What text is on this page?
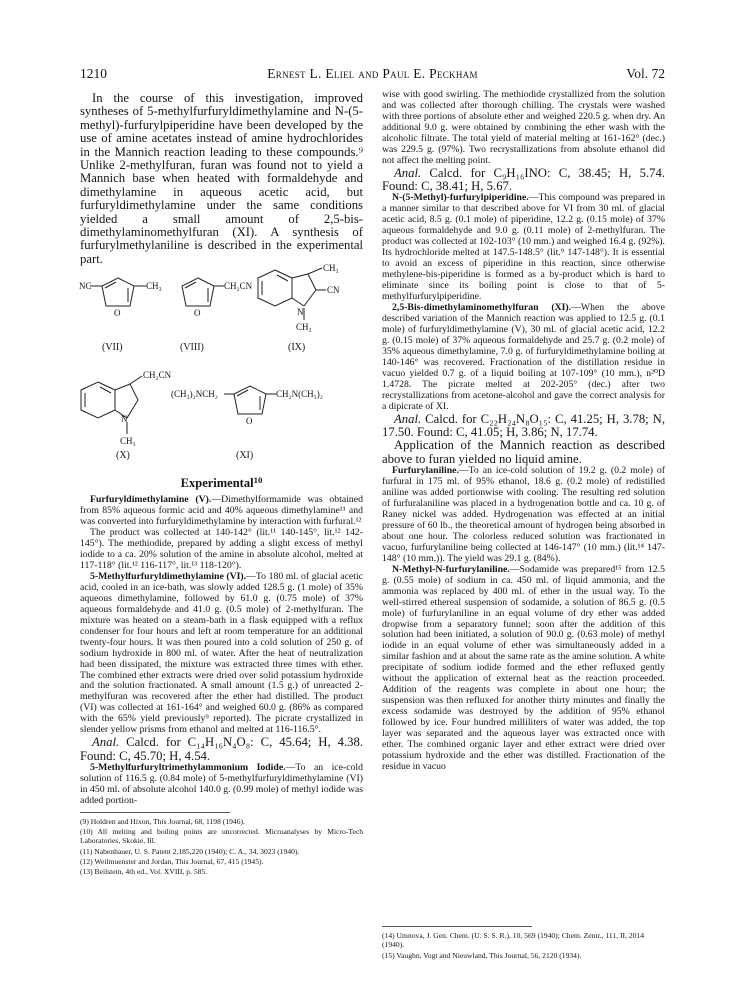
1210	Ernest L. Eliel and Paul E. Peckham	Vol. 72

In the course of this investigation, improved syntheses of 5-methylfurfuryldimethylamine and N-(5-methyl)-furfurylpiperidine have been developed by the use of amine acetates instead of amine hydrochlorides in the Mannich reaction leading to these compounds.⁹ Unlike 2-methylfuran, furan was found not to yield a Mannich base when heated with formaldehyde and dimethylamine in aqueous acetic acid, but furfuryldimethylamine under the same conditions yielded a small amount of 2,5-bis-dimethylaminomethylfuran (XI). A synthesis of furfurylmethylaniline is described in the experimental part.

NC	CH₃
O
CH₂CN
O
CH₃
CN
N
CH₃
(VII)	(VIII)	(IX)
CH₂CN
N
CH₃
(CH₃)₂NCH₂	CH₂N(CH₃)₂
O
(X)	(XI)
Experimental$^{10}$

Furfuryldimethylamine (V).—Dimethylformamide was obtained from 85% aqueous formic acid and 40% aqueous dimethylamine¹¹ and was converted into furfuryldimethylamine by interaction with furfural.¹²

The product was collected at 140-142° (lit.¹¹ 140-145°, lit.¹² 142-145°). The methiodide, prepared by adding a slight excess of methyl iodide to a ca. 20% solution of the amine in absolute alcohol, melted at 117-118° (lit.¹² 116-117°, lit.¹³ 118-120°).

5-Methylfurfuryldimethylamine (VI).—To 180 ml. of glacial acetic acid, cooled in an ice-bath, was slowly added 128.5 g. (1 mole) of 35% aqueous dimethylamine, followed by 61.0 g. (0.75 mole) of 37% aqueous formaldehyde and 41.0 g. (0.5 mole) of 2-methylfuran. The mixture was heated on a steam-bath in a flask equipped with a reflux condenser for four hours and left at room temperature for an additional twenty-four hours. It was then poured into a cold solution of 250 g. of sodium hydroxide in 800 ml. of water. After the heat of neutralization had been dissipated, the mixture was extracted three times with ether. The combined ether extracts were dried over solid potassium hydroxide and the solution fractionated. A small amount (1.5 g.) of unreacted 2-methylfuran was recovered after the ether had distilled. The product (VI) was collected at 161-164° and weighed 60.0 g. (86% as compared with the 65% yield previously⁹ reported). The picrate crystallized in slender yellow prisms from ethanol and melted at 116-116.5°.

Anal. Calcd. for C₁₄H₁₆N₄O₈: C, 45.64; H, 4.38. Found: C, 45.70; H, 4.54.

5-Methylfurfuryltrimethylammonium Iodide.—To an ice-cold solution of 116.5 g. (0.84 mole) of 5-methylfurfuryldimethylamine (VI) in 450 ml. of absolute alcohol 140.0 g. (0.99 mole) of methyl iodide was added portion-

(9) Holdren and Hixon, This Journal, 68, 1198 (1946).

(10) All melting and boiling points are uncorrected. Microanalyses by Micro-Tech Laboratories, Skokie, Ill.

(11) Nabenhauer, U. S. Patent 2,185,220 (1940); C. A., 34, 3023 (1940).

(12) Weilmuenster and Jordan, This Journal, 67, 415 (1945).

(13) Beilstein, 4th ed., Vol. XVIII, p. 585.

wise with good swirling. The methiodide crystallized from the solution and was collected after thorough chilling. The crystals were washed with three portions of absolute ether and weighed 220.5 g. when dry. An additional 9.0 g. were obtained by combining the ether wash with the alcoholic filtrate. The total yield of material melting at 161-162° (dec.) was 229.5 g. (97%). Two recrystallizations from absolute ethanol did not affect the melting point.

Anal. Calcd. for C₉H₁₆INO: C, 38.45; H, 5.74. Found: C, 38.41; H, 5.67.

N-(5-Methyl)-furfurylpiperidine.—This compound was prepared in a manner similar to that described above for VI from 30 ml. of glacial acetic acid, 8.5 g. (0.1 mole) of piperidine, 12.2 g. (0.15 mole) of 37% aqueous formaldehyde and 9.0 g. (0.11 mole) of 2-methylfuran. The product was collected at 102-103° (10 mm.) and weighed 16.4 g. (92%). Its hydrochloride melted at 147.5-148.5° (lit.⁹ 147-148°). It is essential to avoid an excess of piperidine in this reaction, since otherwise methylene-bis-piperidine is formed as a by-product which is hard to eliminate since its boiling point is close to that of 5-methylfurfurylpiperidine.

2,5-Bis-dimethylaminomethylfuran (XI).—When the above described variation of the Mannich reaction was applied to 12.5 g. (0.1 mole) of furfuryldimethylamine (V), 30 ml. of glacial acetic acid, 12.2 g. (0.15 mole) of 37% aqueous formaldehyde and 25.7 g. (0.2 mole) of 35% aqueous dimethylamine, 7.0 g. of furfuryldimethylamine boiling at 140-146° was recovered. Fractionation of the distillation residue in vacuo yielded 0.7 g. of a liquid boiling at 107-109° (10 mm.), n²⁰D 1.4728. The picrate melted at 202-205° (dec.) after two recrystallizations from acetone-alcohol and gave the correct analysis for a dipicrate of XI.

Anal. Calcd. for C₂₂H₂₄N₈O₁₅: C, 41.25; H, 3.78; N, 17.50. Found: C, 41.05; H, 3.86; N, 17.74.

Application of the Mannich reaction as described above to furan yielded no liquid amine.

Furfurylaniline.—To an ice-cold solution of 19.2 g. (0.2 mole) of furfural in 175 ml. of 95% ethanol, 18.6 g. (0.2 mole) of redistilled aniline was added portionwise with cooling. The resulting red solution of furfuralaniline was placed in a hydrogenation bottle and ca. 10 g. of Raney nickel was added. Hydrogenation was effected at an initial pressure of 60 lb., the theoretical amount of hydrogen being absorbed in about one hour. The colorless reduced solution was fractionated in vacuo, furfurylaniline being collected at 146-147° (10 mm.) (lit.¹⁴ 147-148° (10 mm.)). The yield was 29.1 g. (84%).

N-Methyl-N-furfurylaniline.—Sodamide was prepared¹⁵ from 12.5 g. (0.55 mole) of sodium in ca. 450 ml. of liquid ammonia, and the ammonia was replaced by 400 ml. of ether in the usual way. To the well-stirred ethereal suspension of sodamide, a solution of 86.5 g. (0.5 mole) of furfurylaniline in an equal volume of dry ether was added dropwise from a separatory funnel; soon after the addition of this solution had been initiated, a solution of 90.0 g. (0.63 mole) of methyl iodide in an equal volume of ether was simultaneously added in a similar fashion and at about the same rate as the amine solution. A white precipitate of sodium iodide formed and the ether refluxed gently without the application of external heat as the reaction proceeded. Addition of the reagents was complete in about one hour; the suspension was then refluxed for another thirty minutes and finally the excess sodamide was destroyed by the addition of 95% ethanol followed by ice. Four hundred milliliters of water was added, the top layer was separated and the aqueous layer was extracted once with ether. The combined organic layer and ether extract were dried over potassium hydroxide and the ether was distilled. Fractionation of the residue in vacuo

(14) Umnova, J. Gen. Chem. (U. S. S. R.), 10, 569 (1940); Chem. Zentr., 111, II, 2014 (1940).

(15) Vaughn, Vogt and Nieuwland, This Journal, 56, 2120 (1934).
